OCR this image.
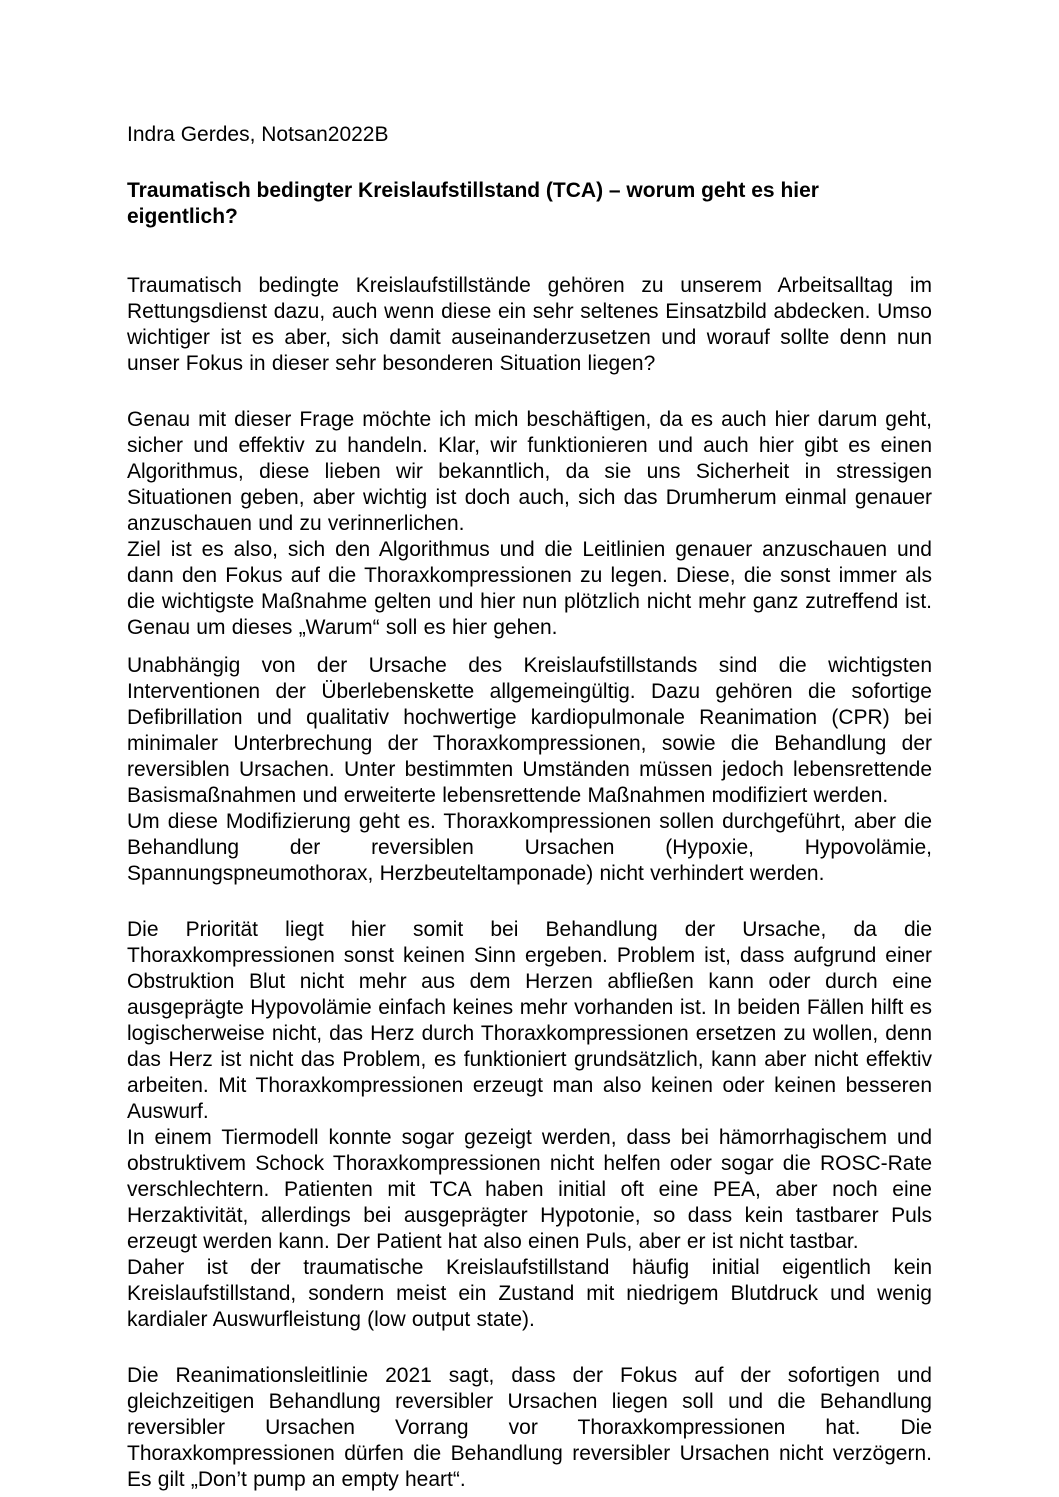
Indra Gerdes, Notsan2022B
Traumatisch bedingter Kreislaufstillstand (TCA) – worum geht es hier eigentlich?

Traumatisch bedingte Kreislaufstillstände gehören zu unserem Arbeitsalltag im Rettungsdienst dazu, auch wenn diese ein sehr seltenes Einsatzbild abdecken. Umso wichtiger ist es aber, sich damit auseinanderzusetzen und worauf sollte denn nun unser Fokus in dieser sehr besonderen Situation liegen?

Genau mit dieser Frage möchte ich mich beschäftigen, da es auch hier darum geht, sicher und effektiv zu handeln. Klar, wir funktionieren und auch hier gibt es einen Algorithmus, diese lieben wir bekanntlich, da sie uns Sicherheit in stressigen Situationen geben, aber wichtig ist doch auch, sich das Drumherum einmal genauer anzuschauen und zu verinnerlichen.

Ziel ist es also, sich den Algorithmus und die Leitlinien genauer anzuschauen und dann den Fokus auf die Thoraxkompressionen zu legen. Diese, die sonst immer als die wichtigste Maßnahme gelten und hier nun plötzlich nicht mehr ganz zutreffend ist. Genau um dieses „Warum“ soll es hier gehen.

Unabhängig von der Ursache des Kreislaufstillstands sind die wichtigsten Interventionen der Überlebenskette allgemeingültig. Dazu gehören die sofortige Defibrillation und qualitativ hochwertige kardiopulmonale Reanimation (CPR) bei minimaler Unterbrechung der Thoraxkompressionen, sowie die Behandlung der reversiblen Ursachen. Unter bestimmten Umständen müssen jedoch lebensrettende Basismaßnahmen und erweiterte lebensrettende Maßnahmen modifiziert werden.

Um diese Modifizierung geht es. Thoraxkompressionen sollen durchgeführt, aber die Behandlung der reversiblen Ursachen (Hypoxie, Hypovolämie, Spannungspneumothorax, Herzbeuteltamponade) nicht verhindert werden.

Die Priorität liegt hier somit bei Behandlung der Ursache, da die Thoraxkompressionen sonst keinen Sinn ergeben. Problem ist, dass aufgrund einer Obstruktion Blut nicht mehr aus dem Herzen abfließen kann oder durch eine ausgeprägte Hypovolämie einfach keines mehr vorhanden ist. In beiden Fällen hilft es logischerweise nicht, das Herz durch Thoraxkompressionen ersetzen zu wollen, denn das Herz ist nicht das Problem, es funktioniert grundsätzlich, kann aber nicht effektiv arbeiten. Mit Thoraxkompressionen erzeugt man also keinen oder keinen besseren Auswurf.

In einem Tiermodell konnte sogar gezeigt werden, dass bei hämorrhagischem und obstruktivem Schock Thoraxkompressionen nicht helfen oder sogar die ROSC-Rate verschlechtern. Patienten mit TCA haben initial oft eine PEA, aber noch eine Herzaktivität, allerdings bei ausgeprägter Hypotonie, so dass kein tastbarer Puls erzeugt werden kann. Der Patient hat also einen Puls, aber er ist nicht tastbar.

Daher ist der traumatische Kreislaufstillstand häufig initial eigentlich kein Kreislaufstillstand, sondern meist ein Zustand mit niedrigem Blutdruck und wenig kardialer Auswurfleistung (low output state).

Die Reanimationsleitlinie 2021 sagt, dass der Fokus auf der sofortigen und gleichzeitigen Behandlung reversibler Ursachen liegen soll und die Behandlung reversibler Ursachen Vorrang vor Thoraxkompressionen hat. Die Thoraxkompressionen dürfen die Behandlung reversibler Ursachen nicht verzögern. Es gilt „Don’t pump an empty heart“.
